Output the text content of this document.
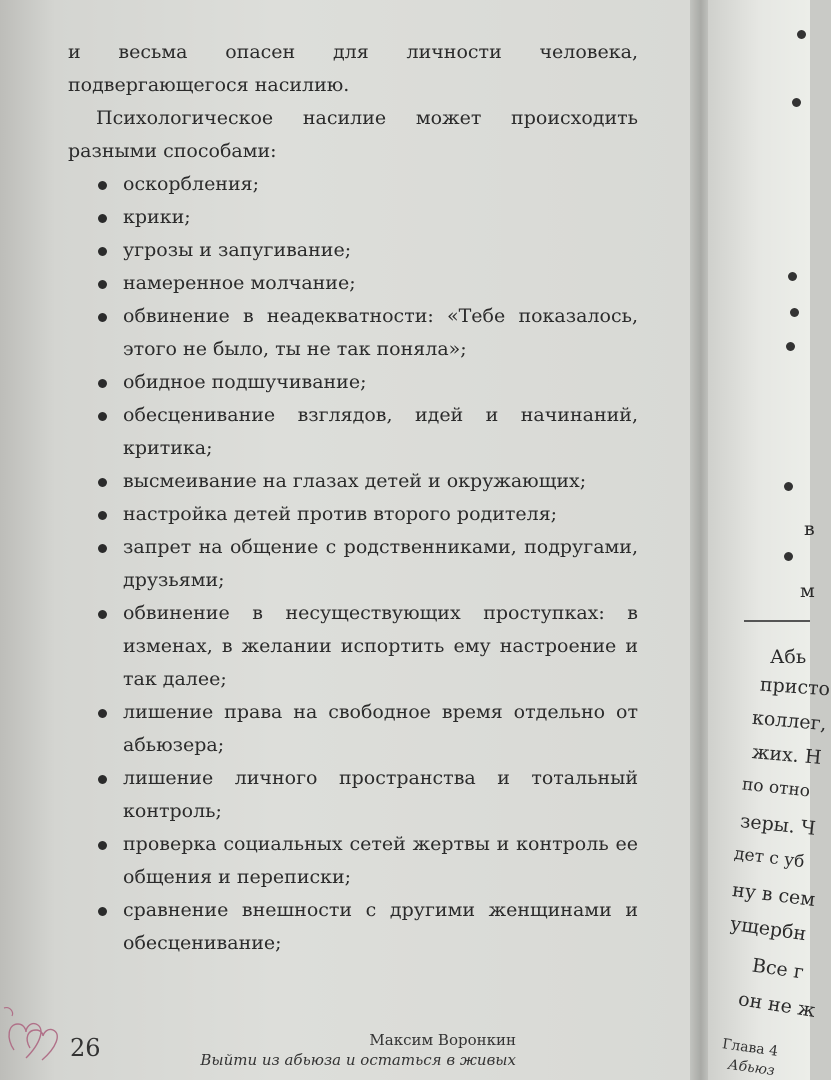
и весьма опасен для личности человека, подвергающегося насилию.

Психологическое насилие может происходить разными способами:

оскорбления;
крики;
угрозы и запугивание;
намеренное молчание;
обвинение в неадекватности: «Тебе показалось, этого не было, ты не так поняла»;
обидное подшучивание;
обесценивание взглядов, идей и начинаний, критика;
высмеивание на глазах детей и окружающих;
настройка детей против второго родителя;
запрет на общение с родственниками, подругами, друзьями;
обвинение в несуществующих проступках: в изменах, в желании испортить ему настроение и так далее;
лишение права на свободное время отдельно от абьюзера;
лишение личного пространства и тотальный контроль;
проверка социальных сетей жертвы и контроль ее общения и переписки;
сравнение внешности с другими женщинами и обесценивание;
26	Максим Воронкин
Выйти из абьюза и остаться в живых
в
м
Абь
присто
коллег,
жих. Н
по отно
зеры. Ч
дет с уб
ну в сем
ущербн
Все г
он не ж
Глава 4
Абьюз
